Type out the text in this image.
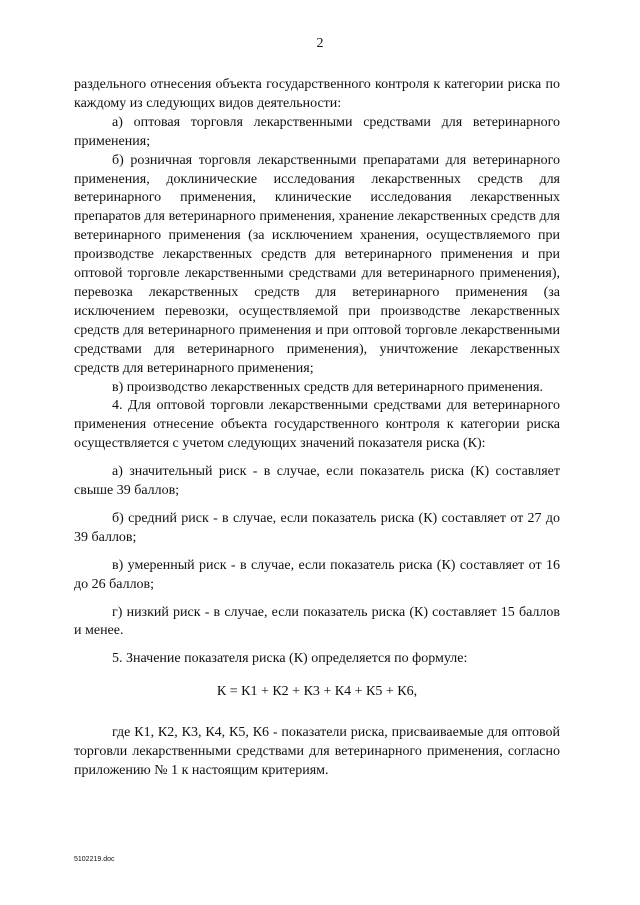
2

раздельного отнесения объекта государственного контроля к категории риска по каждому из следующих видов деятельности:

а) оптовая торговля лекарственными средствами для ветеринарного применения;

б) розничная торговля лекарственными препаратами для ветеринарного применения, доклинические исследования лекарственных средств для ветеринарного применения, клинические исследования лекарственных препаратов для ветеринарного применения, хранение лекарственных средств для ветеринарного применения (за исключением хранения, осуществляемого при производстве лекарственных средств для ветеринарного применения и при оптовой торговле лекарственными средствами для ветеринарного применения), перевозка лекарственных средств для ветеринарного применения (за исключением перевозки, осуществляемой при производстве лекарственных средств для ветеринарного применения и при оптовой торговле лекарственными средствами для ветеринарного применения), уничтожение лекарственных средств для ветеринарного применения;

в) производство лекарственных средств для ветеринарного применения.

4. Для оптовой торговли лекарственными средствами для ветеринарного применения отнесение объекта государственного контроля к категории риска осуществляется с учетом следующих значений показателя риска (К):

а) значительный риск - в случае, если показатель риска (К) составляет свыше 39 баллов;

б) средний риск - в случае, если показатель риска (К) составляет от 27 до 39 баллов;

в) умеренный риск - в случае, если показатель риска (К) составляет от 16 до 26 баллов;

г) низкий риск - в случае, если показатель риска (К) составляет 15 баллов и менее.

5. Значение показателя риска (К) определяется по формуле:

К = К1 + К2 + К3 + К4 + К5 + К6,

где К1, К2, К3, К4, К5, К6 - показатели риска, присваиваемые для оптовой торговли лекарственными средствами для ветеринарного применения, согласно приложению № 1 к настоящим критериям.

5102219.doc
